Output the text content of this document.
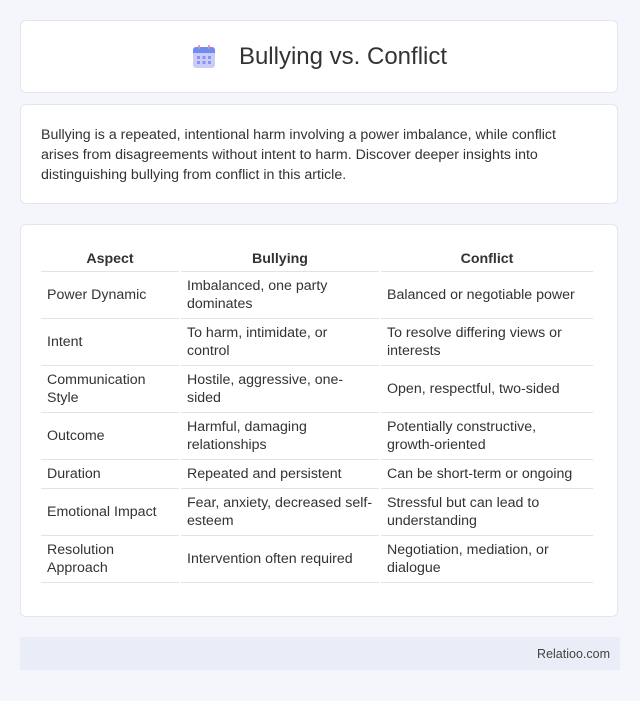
Bullying vs. Conflict

Bullying is a repeated, intentional harm involving a power imbalance, while conflict arises from disagreements without intent to harm. Discover deeper insights into distinguishing bullying from conflict in this article.

Aspect	Bullying	Conflict
Power Dynamic	Imbalanced, one party dominates	Balanced or negotiable power
Intent	To harm, intimidate, or control	To resolve differing views or interests
Communication Style	Hostile, aggressive, one-sided	Open, respectful, two-sided
Outcome	Harmful, damaging relationships	Potentially constructive, growth-oriented
Duration	Repeated and persistent	Can be short-term or ongoing
Emotional Impact	Fear, anxiety, decreased self-esteem	Stressful but can lead to understanding
Resolution Approach	Intervention often required	Negotiation, mediation, or dialogue
Relatioo.com
